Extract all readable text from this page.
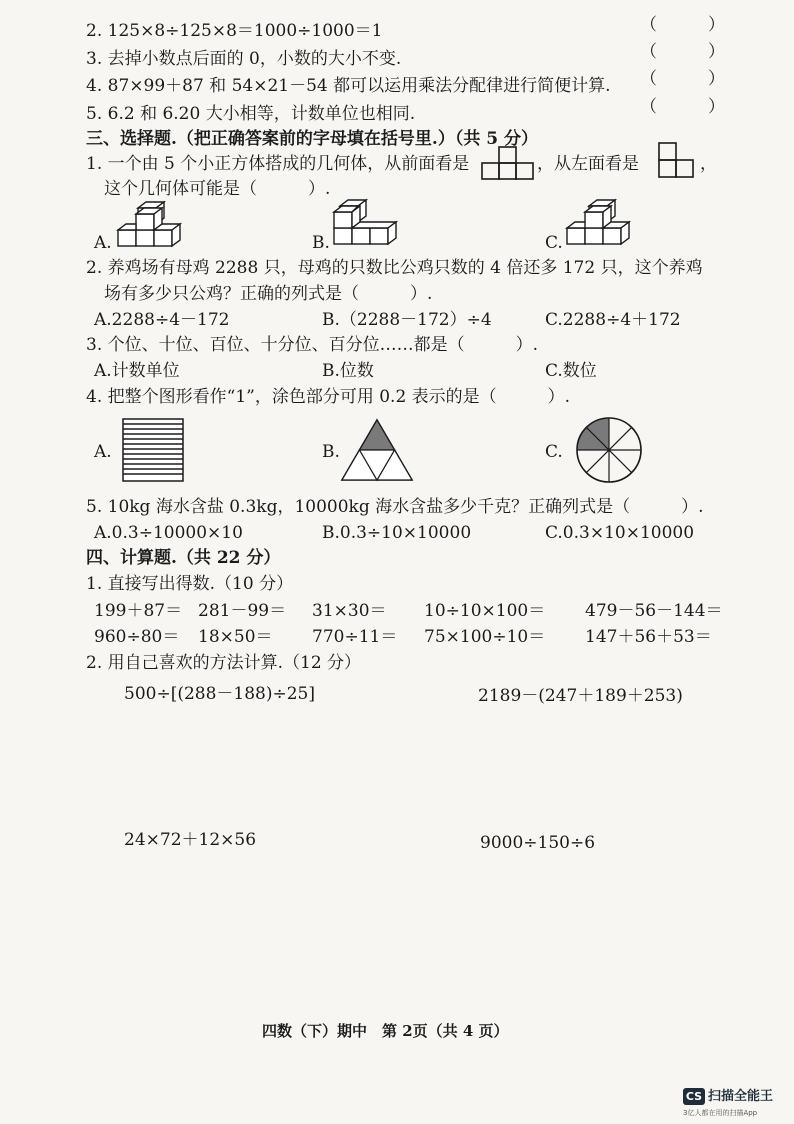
2. 125×8÷125×8＝1000÷1000＝1	（　　　）
3. 去掉小数点后面的 0，小数的大小不变.	（　　　）
4. 87×99＋87 和 54×21－54 都可以运用乘法分配律进行简便计算. （　　　）
5. 6.2 和 6.20 大小相等，计数单位也相同.	（　　　）
三、选择题.（把正确答案前的字母填在括号里.）（共 5 分）
1. 一个由 5 个小正方体搭成的几何体，从前面看是	，从左面看是	，
这个几何体可能是（　　　）.
A.	B.	C.
2. 养鸡场有母鸡 2288 只，母鸡的只数比公鸡只数的 4 倍还多 172 只，这个养鸡
场有多少只公鸡？正确的列式是（　　　）.
A.2288÷4－172	B.（2288－172）÷4	C.2288÷4＋172
3. 个位、十位、百位、十分位、百分位……都是（　　　）.
A.计数单位	B.位数	C.数位
4. 把整个图形看作“1”，涂色部分可用 0.2 表示的是（　　　）.
A.	B.	C.
5. 10kg 海水含盐 0.3kg，10000kg 海水含盐多少千克？正确列式是（　　　）.
A.0.3÷10000×10	B.0.3÷10×10000	C.0.3×10×10000
四、计算题.（共 22 分）
1. 直接写出得数.（10 分）
199＋87＝ 281－99＝ 31×30＝ 10÷10×100＝ 479－56－144＝
960÷80＝ 18×50＝ 770÷11＝ 75×100÷10＝ 147＋56＋53＝
2. 用自己喜欢的方法计算.（12 分）
500÷[(288－188)÷25]	2189－(247＋189＋253)
24×72＋12×56	9000÷150÷6
四数（下）期中　第 2页（共 4 页）
CS 扫描全能王
3亿人都在用的扫描App
